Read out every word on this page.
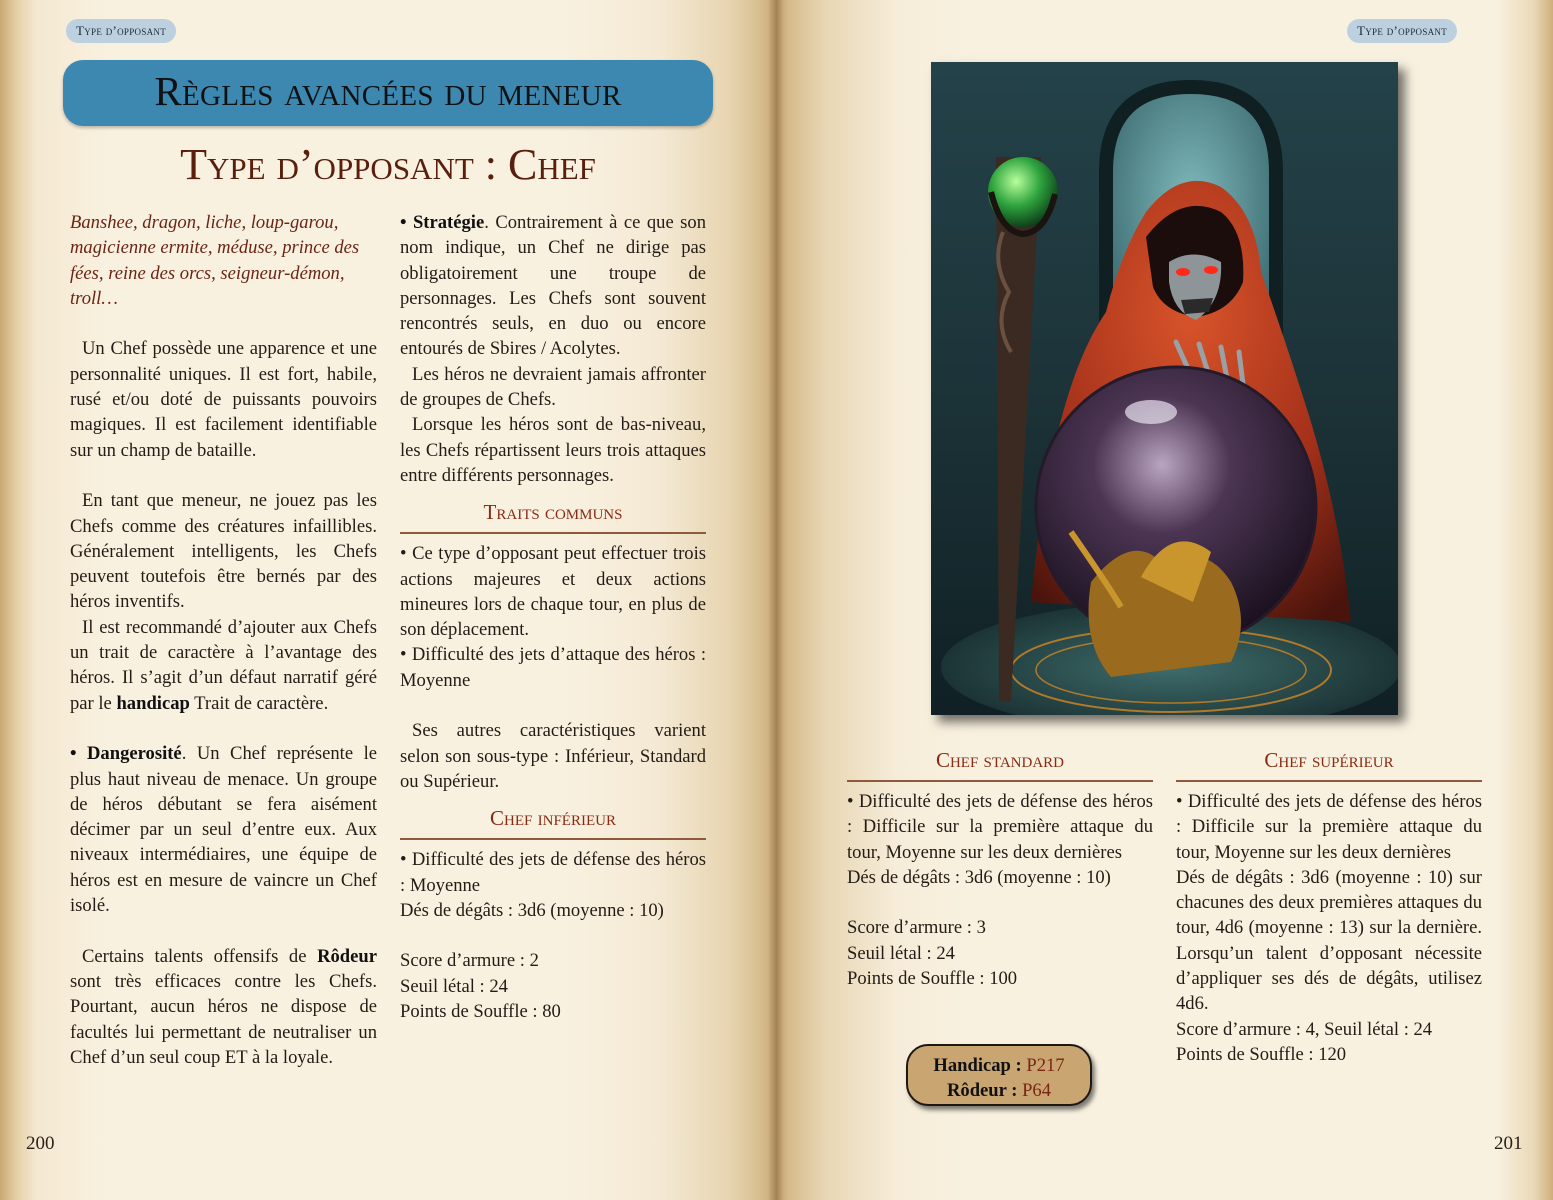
Type d’opposant
Règles avancées du meneur
Type d’opposant : Chef

Banshee, dragon, liche, loup-garou, magicienne ermite, méduse, prince des fées, reine des orcs, seigneur-démon, troll…

Un Chef possède une apparence et une personnalité uniques. Il est fort, habile, rusé et/ou doté de puissants pouvoirs magiques. Il est facilement identifiable sur un champ de bataille.

En tant que meneur, ne jouez pas les Chefs comme des créatures infaillibles. Généralement intelligents, les Chefs peuvent toutefois être bernés par des héros inventifs.

Il est recommandé d’ajouter aux Chefs un trait de caractère à l’avantage des héros. Il s’agit d’un défaut narratif géré par le handicap Trait de caractère.

• Dangerosité. Un Chef représente le plus haut niveau de menace. Un groupe de héros débutant se fera aisément décimer par un seul d’entre eux. Aux niveaux intermédiaires, une équipe de héros est en mesure de vaincre un Chef isolé.

Certains talents offensifs de Rôdeur sont très efficaces contre les Chefs. Pourtant, aucun héros ne dispose de facultés lui permettant de neutraliser un Chef d’un seul coup ET à la loyale.

• Stratégie. Contrairement à ce que son nom indique, un Chef ne dirige pas obligatoirement une troupe de personnages. Les Chefs sont souvent rencontrés seuls, en duo ou encore entourés de Sbires / Acolytes.

Les héros ne devraient jamais affronter de groupes de Chefs.

Lorsque les héros sont de bas-niveau, les Chefs répartissent leurs trois attaques entre différents personnages.

Traits communs

• Ce type d’opposant peut effectuer trois actions majeures et deux actions mineures lors de chaque tour, en plus de son déplacement.

• Difficulté des jets d’attaque des héros : Moyenne

Ses autres caractéristiques varient selon son sous-type : Inférieur, Standard ou Supérieur.

Chef inférieur

• Difficulté des jets de défense des héros : Moyenne

Dés de dégâts : 3d6 (moyenne : 10)

Score d’armure : 2

Seuil létal : 24

Points de Souffle : 80

200
Type d’opposant
Chef standard

• Difficulté des jets de défense des héros : Difficile sur la première attaque du tour, Moyenne sur les deux dernières

Dés de dégâts : 3d6 (moyenne : 10)

Score d’armure : 3

Seuil létal : 24

Points de Souffle : 100

Handicap : P217
Rôdeur : P64
Chef supérieur

• Difficulté des jets de défense des héros : Difficile sur la première attaque du tour, Moyenne sur les deux dernières

Dés de dégâts : 3d6 (moyenne : 10) sur chacunes des deux premières attaques du tour, 4d6 (moyenne : 13) sur la dernière. Lorsqu’un talent d’opposant nécessite d’appliquer ses dés de dégâts, utilisez 4d6.

Score d’armure : 4, Seuil létal : 24

Points de Souffle : 120

201
